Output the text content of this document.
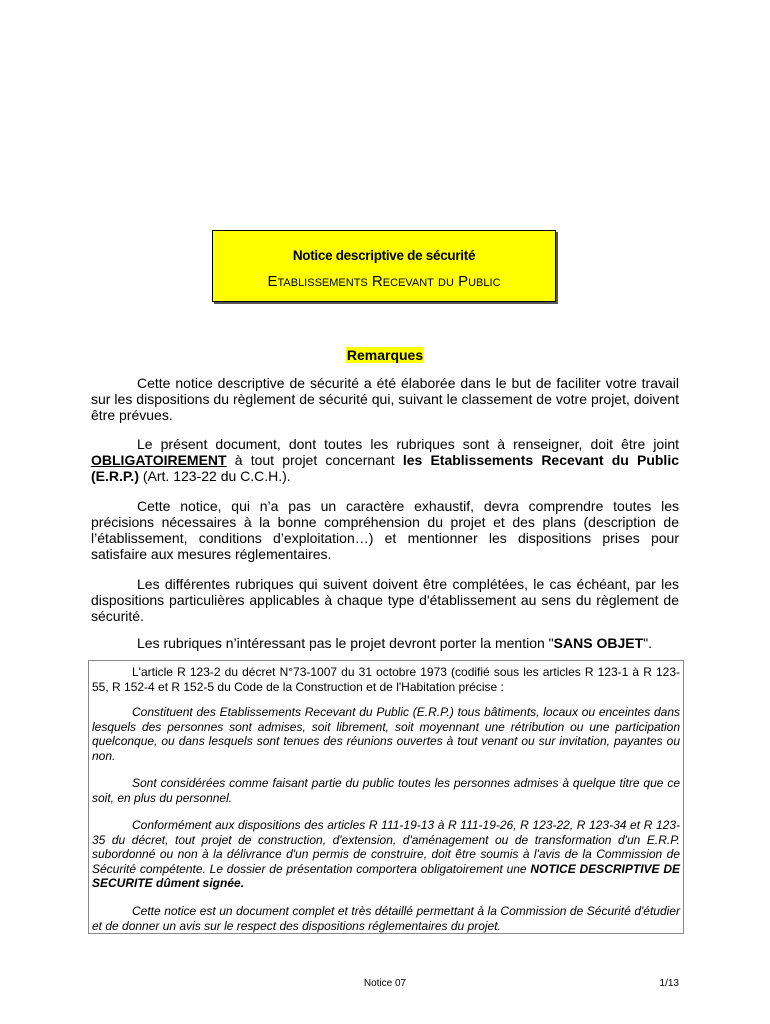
Notice descriptive de sécurité
Etablissements Recevant du Public
Remarques

Cette notice descriptive de sécurité a été élaborée dans le but de faciliter votre travail sur les dispositions du règlement de sécurité qui, suivant le classement de votre projet, doivent être prévues.

Le présent document, dont toutes les rubriques sont à renseigner, doit être joint OBLIGATOIREMENT à tout projet concernant les Etablissements Recevant du Public (E.R.P.) (Art. 123-22 du C.C.H.).

Cette notice, qui n’a pas un caractère exhaustif, devra comprendre toutes les précisions nécessaires à la bonne compréhension du projet et des plans (description de l’établissement, conditions d’exploitation…) et mentionner les dispositions prises pour satisfaire aux mesures réglementaires.

Les différentes rubriques qui suivent doivent être complétées, le cas échéant, par les dispositions particulières applicables à chaque type d'établissement au sens du règlement de sécurité.

Les rubriques n’intéressant pas le projet devront porter la mention "SANS OBJET".

L'article R 123-2 du décret N°73-1007 du 31 octobre 1973 (codifié sous les articles R 123-1 à R 123-55, R 152-4 et R 152-5 du Code de la Construction et de l'Habitation précise :

Constituent des Etablissements Recevant du Public (E.R.P.) tous bâtiments, locaux ou enceintes dans lesquels des personnes sont admises, soit librement, soit moyennant une rétribution ou une participation quelconque, ou dans lesquels sont tenues des réunions ouvertes à tout venant ou sur invitation, payantes ou non.

Sont considérées comme faisant partie du public toutes les personnes admises à quelque titre que ce soit, en plus du personnel.

Conformément aux dispositions des articles R 111-19-13 à R 111-19-26, R 123-22, R 123-34 et R 123-35 du décret, tout projet de construction, d'extension, d'aménagement ou de transformation d'un E.R.P. subordonné ou non à la délivrance d'un permis de construire, doit être soumis à l'avis de la Commission de Sécurité compétente. Le dossier de présentation comportera obligatoirement une NOTICE DESCRIPTIVE DE SECURITE dûment signée.

Cette notice est un document complet et très détaillé permettant à la Commission de Sécurité d'étudier et de donner un avis sur le respect des dispositions réglementaires du projet.

Notice 07	1/13
